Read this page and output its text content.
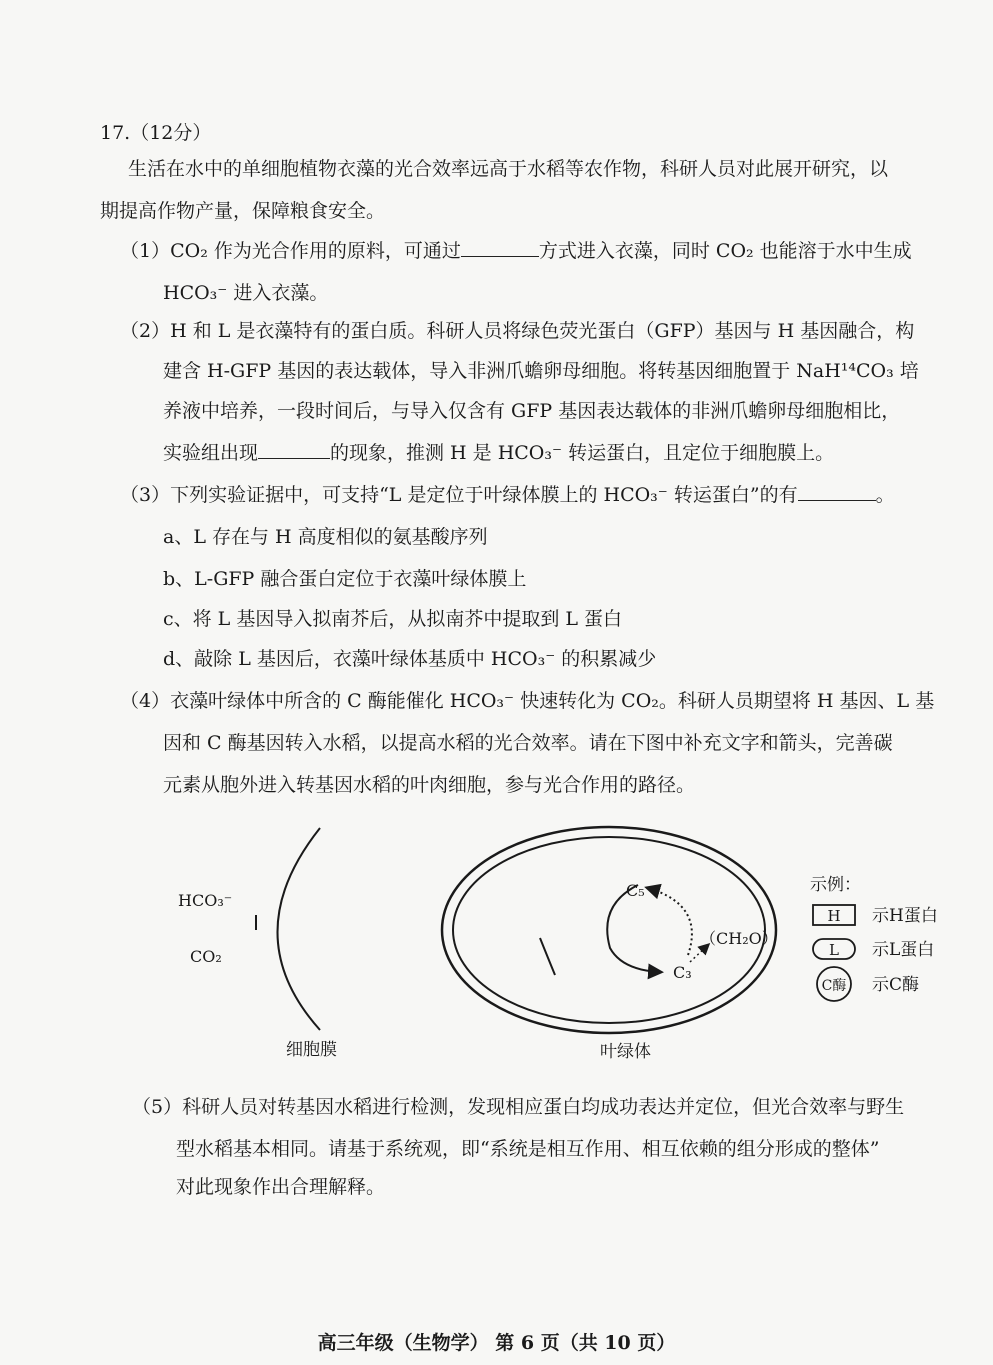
17.（12分）
生活在水中的单细胞植物衣藻的光合效率远高于水稻等农作物，科研人员对此展开研究，以
期提高作物产量，保障粮食安全。
（1）CO₂ 作为光合作用的原料，可通过	方式进入衣藻，同时 CO₂ 也能溶于水中生成
HCO₃⁻ 进入衣藻。
（2）H 和 L 是衣藻特有的蛋白质。科研人员将绿色荧光蛋白（GFP）基因与 H 基因融合，构
建含 H-GFP 基因的表达载体，导入非洲爪蟾卵母细胞。将转基因细胞置于 NaH¹⁴CO₃ 培
养液中培养，一段时间后，与导入仅含有 GFP 基因表达载体的非洲爪蟾卵母细胞相比，
实验组出现	的现象，推测 H 是 HCO₃⁻ 转运蛋白，且定位于细胞膜上。
（3）下列实验证据中，可支持“L 是定位于叶绿体膜上的 HCO₃⁻ 转运蛋白”的有	。
a、L 存在与 H 高度相似的氨基酸序列
b、L-GFP 融合蛋白定位于衣藻叶绿体膜上
c、将 L 基因导入拟南芥后，从拟南芥中提取到 L 蛋白
d、敲除 L 基因后，衣藻叶绿体基质中 HCO₃⁻ 的积累减少
（4）衣藻叶绿体中所含的 C 酶能催化 HCO₃⁻ 快速转化为 CO₂。科研人员期望将 H 基因、L 基
因和 C 酶基因转入水稻，以提高水稻的光合效率。请在下图中补充文字和箭头，完善碳
元素从胞外进入转基因水稻的叶肉细胞，参与光合作用的路径。
HCO₃⁻
CO₂
细胞膜
C₅
C₃
（CH₂O）
叶绿体
示例：
H 示H蛋白
L 示L蛋白
C酶 示C酶
（5）科研人员对转基因水稻进行检测，发现相应蛋白均成功表达并定位，但光合效率与野生
型水稻基本相同。请基于系统观，即“系统是相互作用、相互依赖的组分形成的整体”
对此现象作出合理解释。
高三年级（生物学） 第 6 页（共 10 页）
